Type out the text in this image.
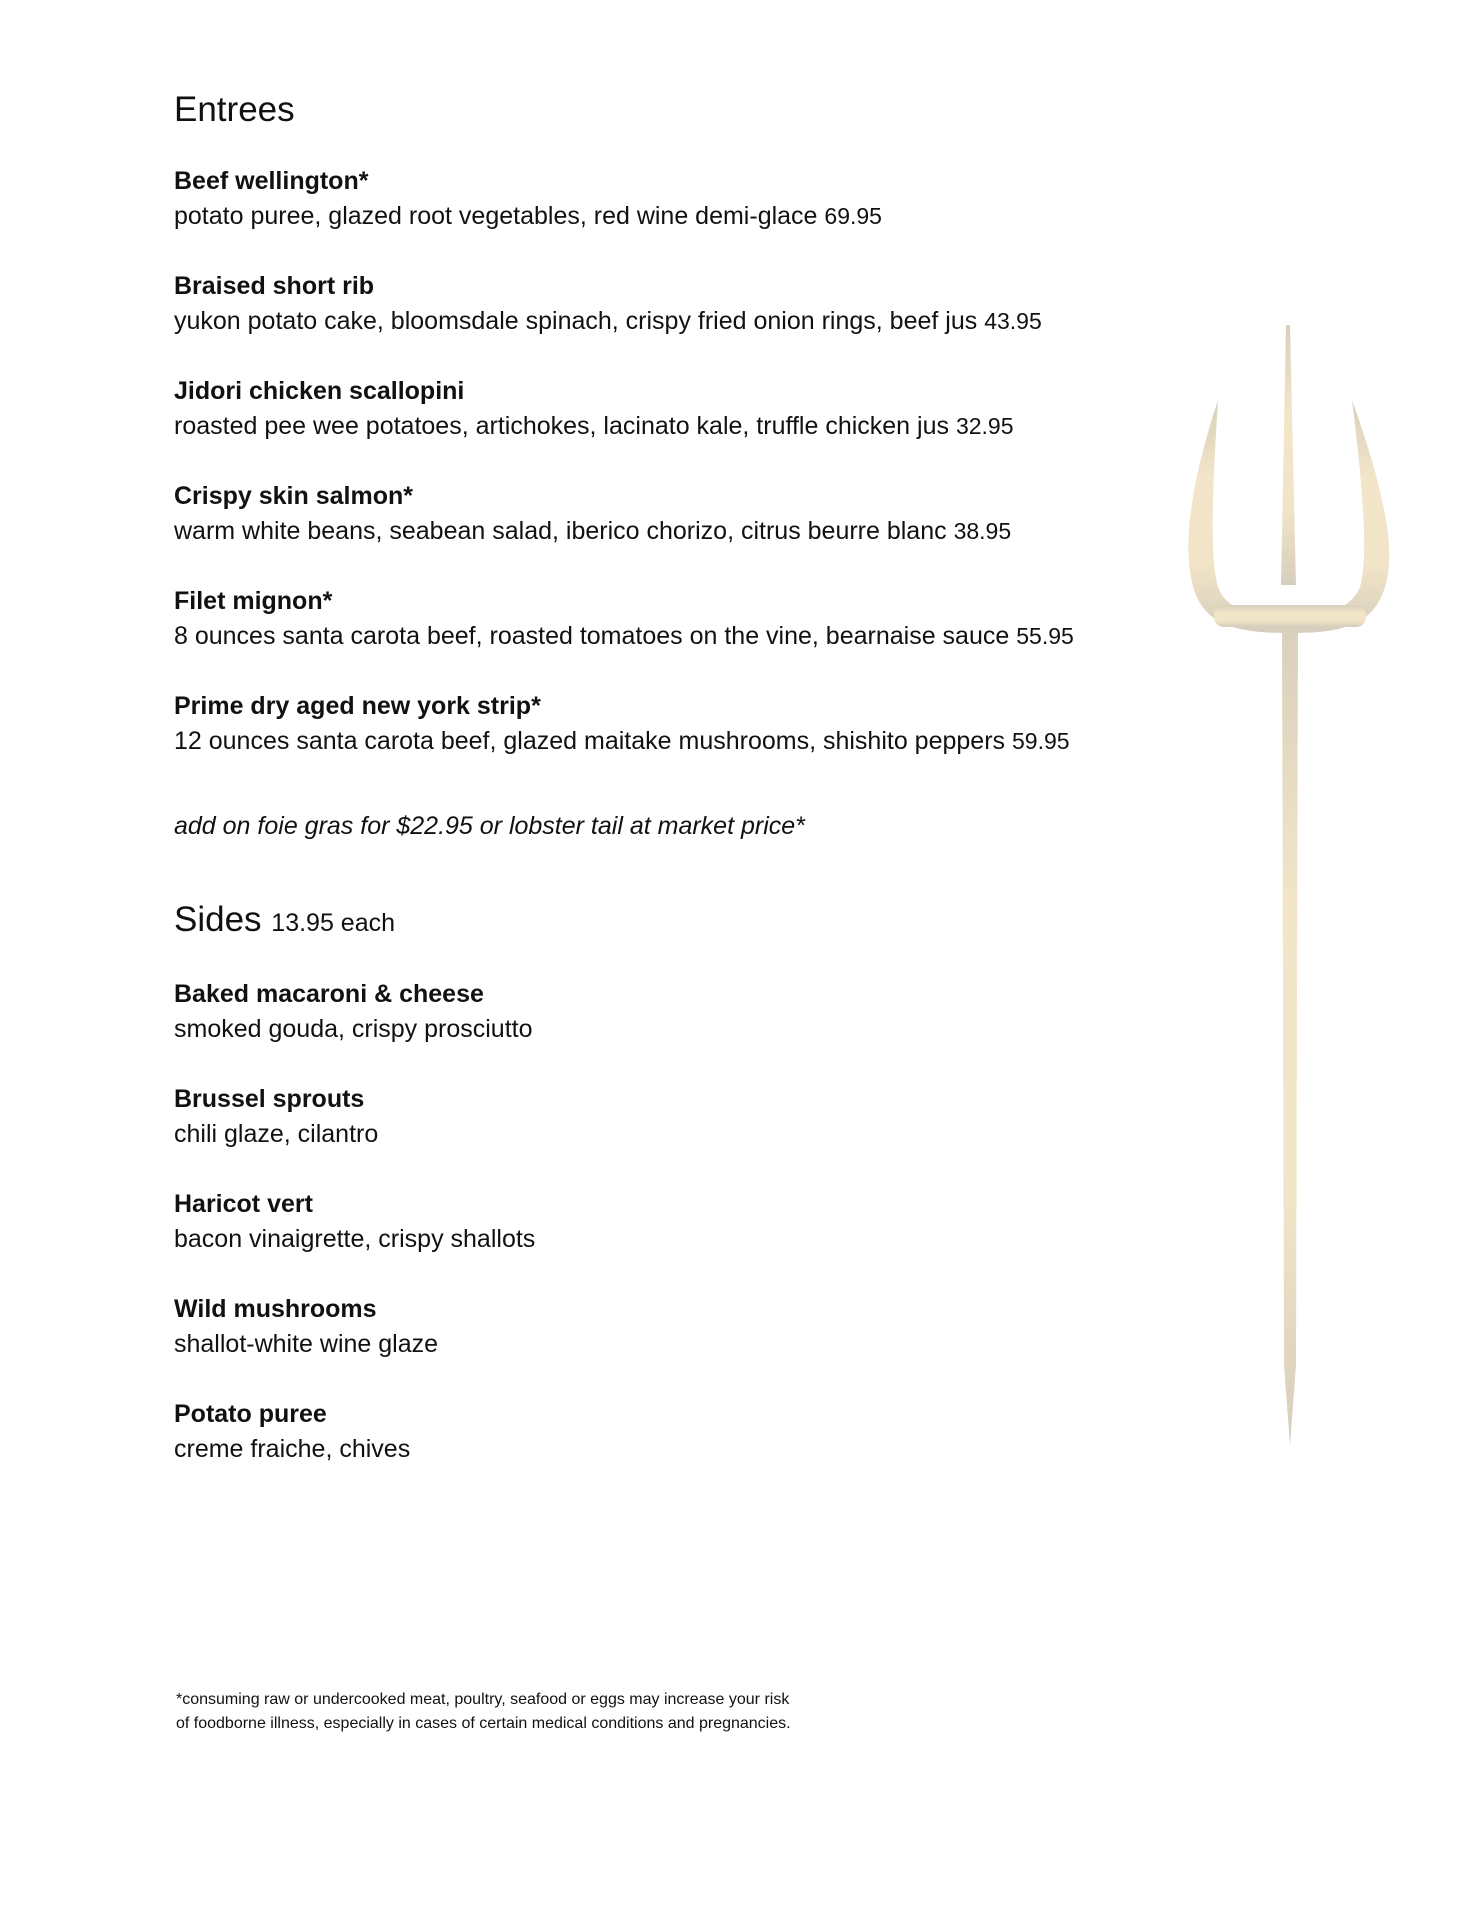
Entrees
Beef wellington*
potato puree, glazed root vegetables, red wine demi-glace 69.95
Braised short rib
yukon potato cake, bloomsdale spinach, crispy fried onion rings, beef jus 43.95
Jidori chicken scallopini
roasted pee wee potatoes, artichokes, lacinato kale, truffle chicken jus 32.95
Crispy skin salmon*
warm white beans, seabean salad, iberico chorizo, citrus beurre blanc 38.95
Filet mignon*
8 ounces santa carota beef, roasted tomatoes on the vine, bearnaise sauce 55.95
Prime dry aged new york strip*
12 ounces santa carota beef, glazed maitake mushrooms, shishito peppers 59.95
add on foie gras for $22.95 or lobster tail at market price*
Sides 13.95 each
Baked macaroni & cheese
smoked gouda, crispy prosciutto
Brussel sprouts
chili glaze, cilantro
Haricot vert
bacon vinaigrette, crispy shallots
Wild mushrooms
shallot-white wine glaze
Potato puree
creme fraiche, chives
*consuming raw or undercooked meat, poultry, seafood or eggs may increase your risk
of foodborne illness, especially in cases of certain medical conditions and pregnancies.
